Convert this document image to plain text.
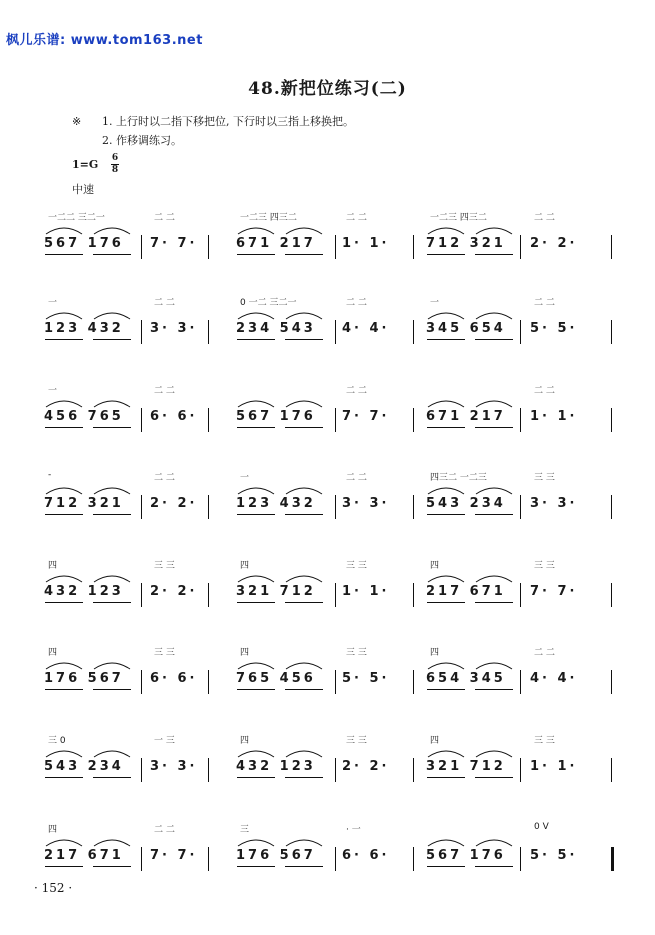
枫儿乐谱: www.tom163.net
48.新把位练习(二)
※ 1. 上行时以二指下移把位, 下行时以三指上移换把。
2. 作移调练习。
1=G 6
8
中速
一二二 三二一
567 176
二 二
7· 7·
一二三 四三二
671 217
二 二
1· 1·
一二三 四三二
712 321
二 二
2· 2·
一
123 432
二 二
3· 3·
0 一二 三二一
234 543
二 二
4· 4·
一
345 654
二 二
5· 5·
一
456 765
二 二
6· 6·	567 176
二 二
7· 7·	671 217
二 二
1· 1·
-
712 321
二 二
2· 2·
一
123 432
二 二
3· 3·
四三二 一二三
543 234
三 三
3· 3·
四
432 123
三 三
2· 2·
四
321 712
三 三
1· 1·
四
217 671
三 三
7· 7·
四
176 567
三 三
6· 6·
四
765 456
三 三
5· 5·
四
654 345
二 二
4· 4·
三 0
543 234
一 三
3· 3·
四
432 123
三 三
2· 2·
四
321 712
三 三
1· 1·
四
217 671
二 二
7· 7·
三
176 567
· 一
6· 6·	567 176
0 V
5· 5·
· 152 ·
